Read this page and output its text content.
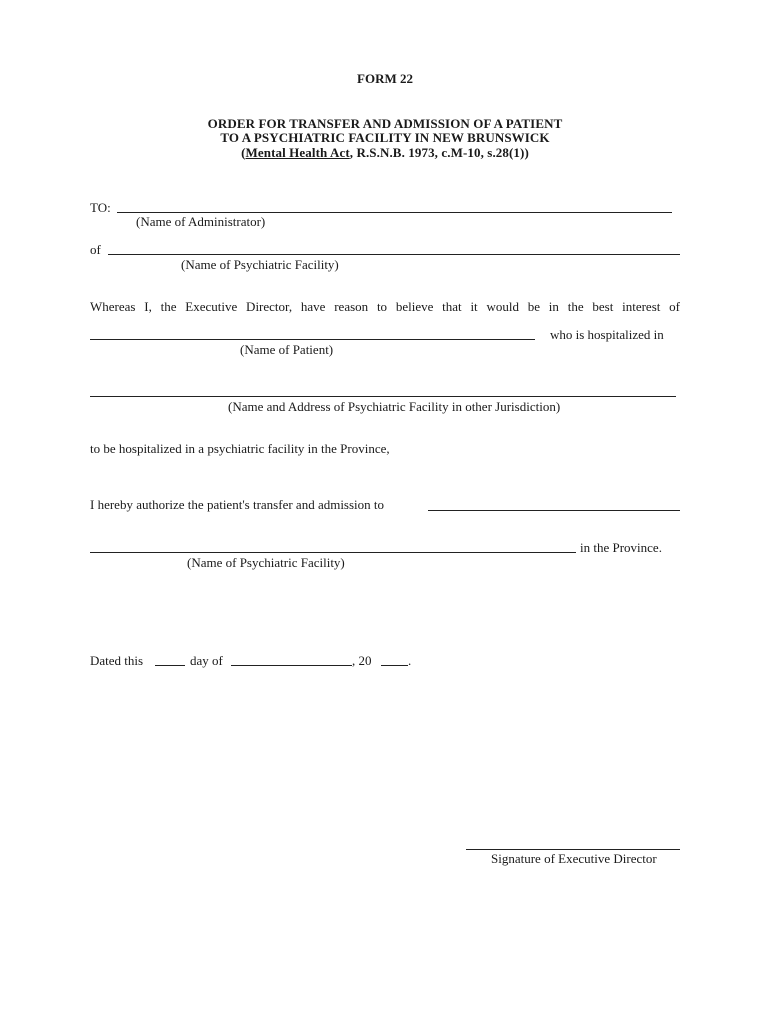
FORM 22
ORDER FOR TRANSFER AND ADMISSION OF A PATIENT
TO A PSYCHIATRIC FACILITY IN NEW BRUNSWICK
(Mental Health Act, R.S.N.B. 1973, c.M-10, s.28(1))
TO:
(Name of Administrator)
of
(Name of Psychiatric Facility)
Whereas I, the Executive Director, have reason to believe that it would be in the best interest of
who is hospitalized in
(Name of Patient)
(Name and Address of Psychiatric Facility in other Jurisdiction)
to be hospitalized in a psychiatric facility in the Province,
I hereby authorize the patient's transfer and admission to
in the Province.
(Name of Psychiatric Facility)
Dated this	day of	, 20	.
Signature of Executive Director
